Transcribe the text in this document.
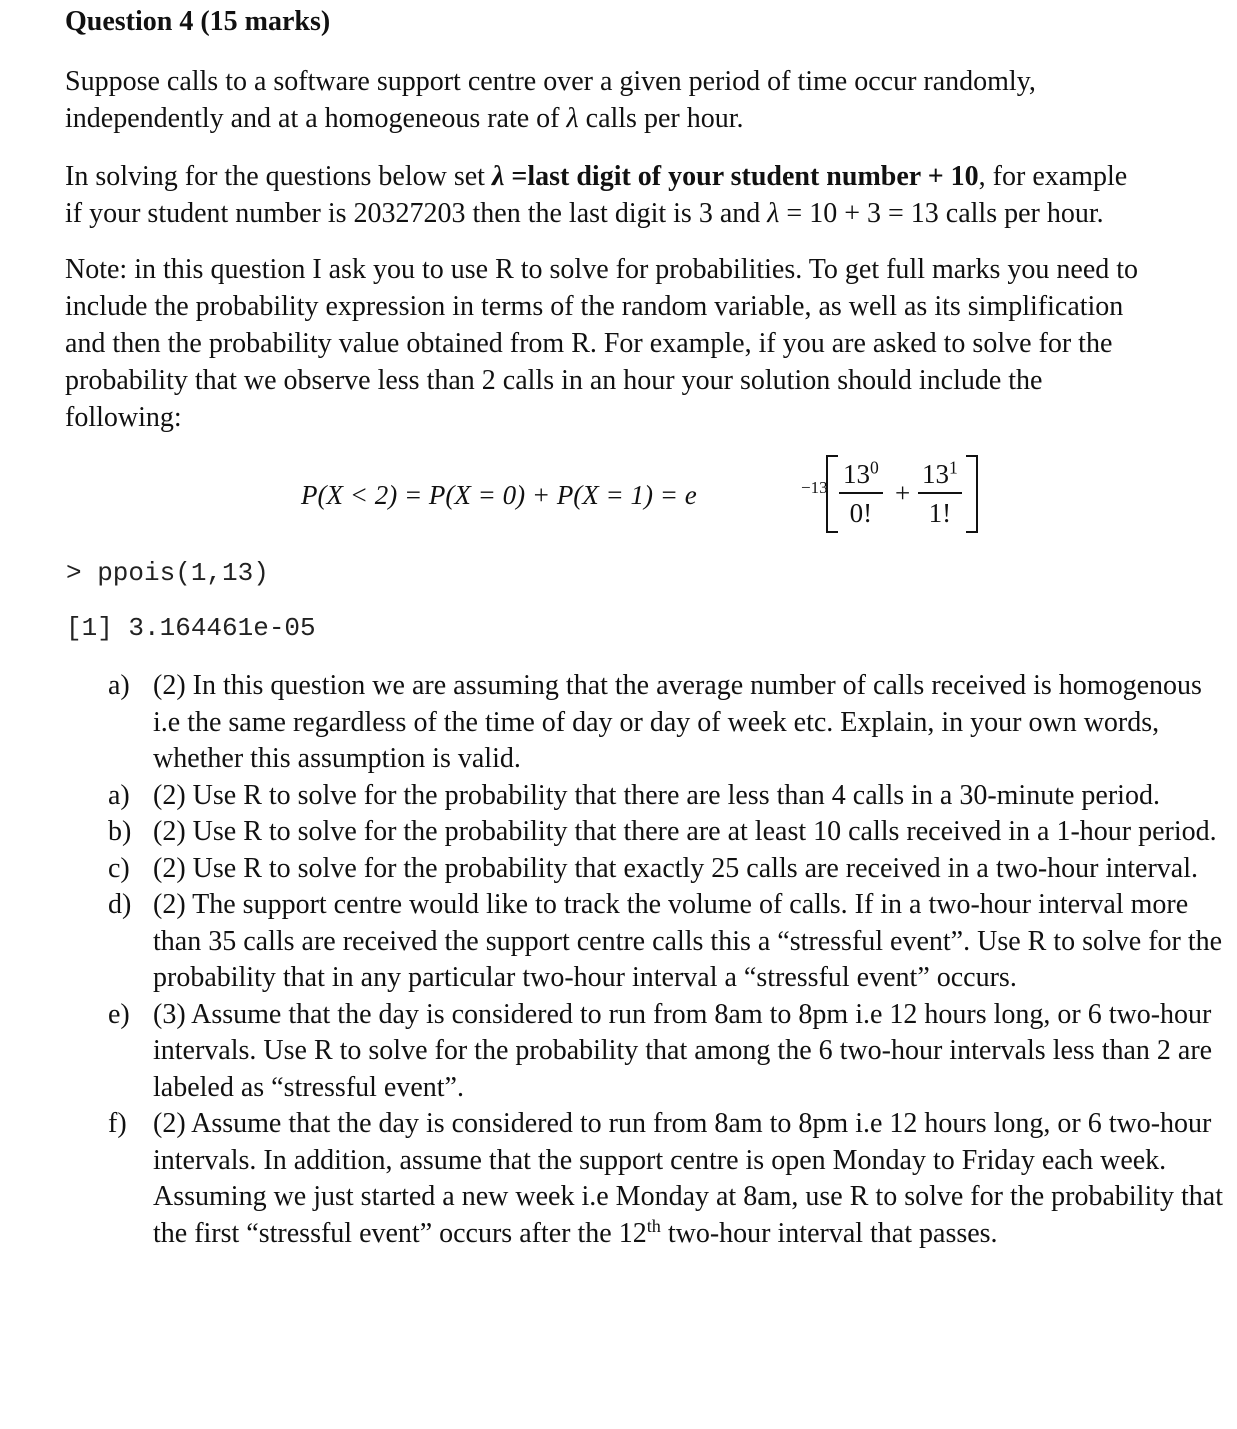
Question 4 (15 marks)
Suppose calls to a software support centre over a given period of time occur randomly,
independently and at a homogeneous rate of λ calls per hour.
In solving for the questions below set λ =last digit of your student number + 10, for example
if your student number is 20327203 then the last digit is 3 and λ = 10 + 3 = 13 calls per hour.
Note: in this question I ask you to use R to solve for probabilities. To get full marks you need to
include the probability expression in terms of the random variable, as well as its simplification
and then the probability value obtained from R. For example, if you are asked to solve for the
probability that we observe less than 2 calls in an hour your solution should include the
following:
P(X < 2) = P(X = 0) + P(X = 1) = e	$-13 \frac{13^0}{0!} + \frac{13^1}{1!}$
> ppois(1,13)
[1] 3.164461e-05

a) (2) In this question we are assuming that the average number of calls received is homogenous i.e the same regardless of the time of day or day of week etc. Explain, in your own words, whether this assumption is valid.

a) (2) Use R to solve for the probability that there are less than 4 calls in a 30-minute period.

b) (2) Use R to solve for the probability that there are at least 10 calls received in a 1-hour period.

c) (2) Use R to solve for the probability that exactly 25 calls are received in a two-hour interval.

d) (2) The support centre would like to track the volume of calls. If in a two-hour interval more than 35 calls are received the support centre calls this a “stressful event”. Use R to solve for the probability that in any particular two-hour interval a “stressful event” occurs.

e) (3) Assume that the day is considered to run from 8am to 8pm i.e 12 hours long, or 6 two-hour intervals. Use R to solve for the probability that among the 6 two-hour intervals less than 2 are labeled as “stressful event”.

f) (2) Assume that the day is considered to run from 8am to 8pm i.e 12 hours long, or 6 two-hour intervals. In addition, assume that the support centre is open Monday to Friday each week. Assuming we just started a new week i.e Monday at 8am, use R to solve for the probability that the first “stressful event” occurs after the 12th two-hour interval that passes.
